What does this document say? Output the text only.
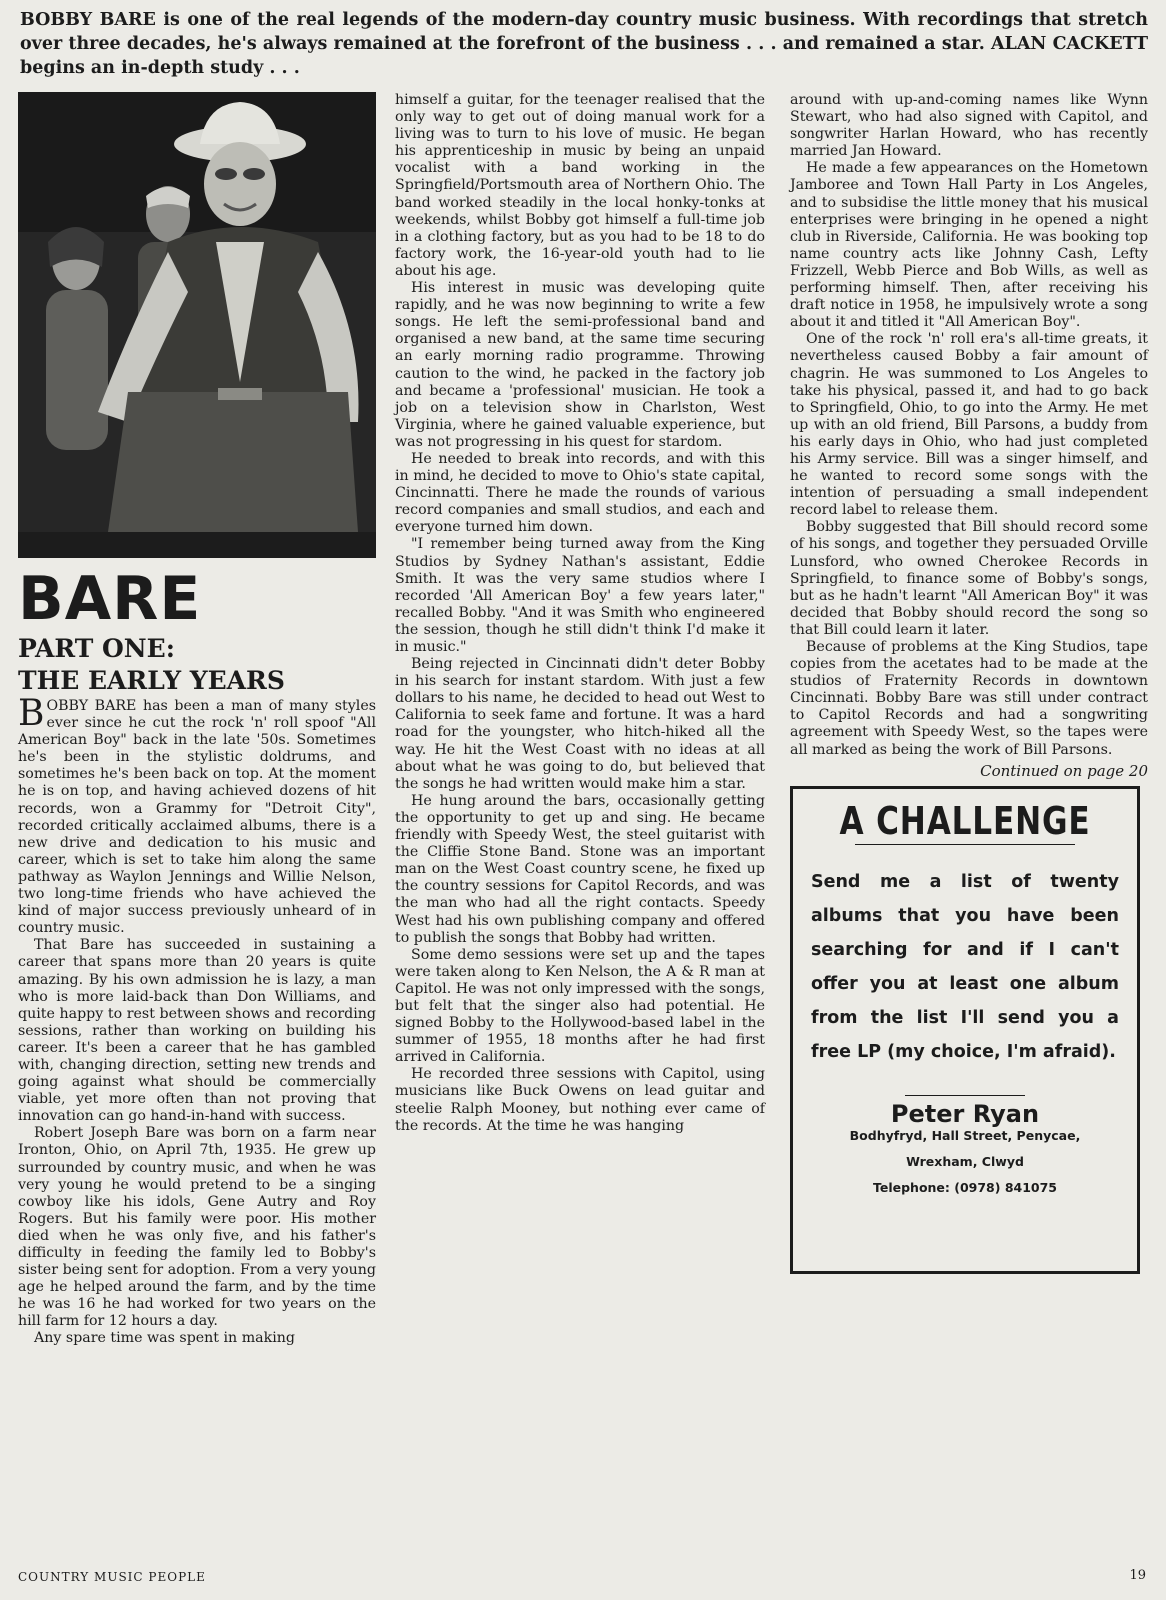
BOBBY BARE is one of the real legends of the modern-day country music business. With recordings that stretch over three decades, he's always remained at the forefront of the business . . . and remained a star. ALAN CACKETT begins an in-depth study . . .
BARE
PART ONE:
THE EARLY YEARS

BOBBY BARE has been a man of many styles ever since he cut the rock 'n' roll spoof "All American Boy" back in the late '50s. Sometimes he's been in the stylistic doldrums, and sometimes he's been back on top. At the moment he is on top, and having achieved dozens of hit records, won a Grammy for "Detroit City", recorded critically acclaimed albums, there is a new drive and dedication to his music and career, which is set to take him along the same pathway as Waylon Jennings and Willie Nelson, two long-time friends who have achieved the kind of major success previously unheard of in country music.

That Bare has succeeded in sustaining a career that spans more than 20 years is quite amazing. By his own admission he is lazy, a man who is more laid-back than Don Williams, and quite happy to rest between shows and recording sessions, rather than working on building his career. It's been a career that he has gambled with, changing direction, setting new trends and going against what should be commercially viable, yet more often than not proving that innovation can go hand-in-hand with success.

Robert Joseph Bare was born on a farm near Ironton, Ohio, on April 7th, 1935. He grew up surrounded by country music, and when he was very young he would pretend to be a singing cowboy like his idols, Gene Autry and Roy Rogers. But his family were poor. His mother died when he was only five, and his father's difficulty in feeding the family led to Bobby's sister being sent for adoption. From a very young age he helped around the farm, and by the time he was 16 he had worked for two years on the hill farm for 12 hours a day.

Any spare time was spent in making

himself a guitar, for the teenager realised that the only way to get out of doing manual work for a living was to turn to his love of music. He began his apprenticeship in music by being an unpaid vocalist with a band working in the Springfield/Portsmouth area of Northern Ohio. The band worked steadily in the local honky-tonks at weekends, whilst Bobby got himself a full-time job in a clothing factory, but as you had to be 18 to do factory work, the 16-year-old youth had to lie about his age.

His interest in music was developing quite rapidly, and he was now beginning to write a few songs. He left the semi-professional band and organised a new band, at the same time securing an early morning radio programme. Throwing caution to the wind, he packed in the factory job and became a 'professional' musician. He took a job on a television show in Charlston, West Virginia, where he gained valuable experience, but was not progressing in his quest for stardom.

He needed to break into records, and with this in mind, he decided to move to Ohio's state capital, Cincinnatti. There he made the rounds of various record companies and small studios, and each and everyone turned him down.

"I remember being turned away from the King Studios by Sydney Nathan's assistant, Eddie Smith. It was the very same studios where I recorded 'All American Boy' a few years later," recalled Bobby. "And it was Smith who engineered the session, though he still didn't think I'd make it in music."

Being rejected in Cincinnati didn't deter Bobby in his search for instant stardom. With just a few dollars to his name, he decided to head out West to California to seek fame and fortune. It was a hard road for the youngster, who hitch-hiked all the way. He hit the West Coast with no ideas at all about what he was going to do, but believed that the songs he had written would make him a star.

He hung around the bars, occasionally getting the opportunity to get up and sing. He became friendly with Speedy West, the steel guitarist with the Cliffie Stone Band. Stone was an important man on the West Coast country scene, he fixed up the country sessions for Capitol Records, and was the man who had all the right contacts. Speedy West had his own publishing company and offered to publish the songs that Bobby had written.

Some demo sessions were set up and the tapes were taken along to Ken Nelson, the A & R man at Capitol. He was not only impressed with the songs, but felt that the singer also had potential. He signed Bobby to the Hollywood-based label in the summer of 1955, 18 months after he had first arrived in California.

He recorded three sessions with Capitol, using musicians like Buck Owens on lead guitar and steelie Ralph Mooney, but nothing ever came of the records. At the time he was hanging

around with up-and-coming names like Wynn Stewart, who had also signed with Capitol, and songwriter Harlan Howard, who has recently married Jan Howard.

He made a few appearances on the Hometown Jamboree and Town Hall Party in Los Angeles, and to subsidise the little money that his musical enterprises were bringing in he opened a night club in Riverside, California. He was booking top name country acts like Johnny Cash, Lefty Frizzell, Webb Pierce and Bob Wills, as well as performing himself. Then, after receiving his draft notice in 1958, he impulsively wrote a song about it and titled it "All American Boy".

One of the rock 'n' roll era's all-time greats, it nevertheless caused Bobby a fair amount of chagrin. He was summoned to Los Angeles to take his physical, passed it, and had to go back to Springfield, Ohio, to go into the Army. He met up with an old friend, Bill Parsons, a buddy from his early days in Ohio, who had just completed his Army service. Bill was a singer himself, and he wanted to record some songs with the intention of persuading a small independent record label to release them.

Bobby suggested that Bill should record some of his songs, and together they persuaded Orville Lunsford, who owned Cherokee Records in Springfield, to finance some of Bobby's songs, but as he hadn't learnt "All American Boy" it was decided that Bobby should record the song so that Bill could learn it later.

Because of problems at the King Studios, tape copies from the acetates had to be made at the studios of Fraternity Records in downtown Cincinnati. Bobby Bare was still under contract to Capitol Records and had a songwriting agreement with Speedy West, so the tapes were all marked as being the work of Bill Parsons.

Continued on page 20
A CHALLENGE
Send me a list of twenty albums that you have been searching for and if I can't offer you at least one album from the list I'll send you a free LP (my choice, I'm afraid).
Peter Ryan
Bodhyfryd, Hall Street, Penycae,
Wrexham, Clwyd
Telephone: (0978) 841075
COUNTRY MUSIC PEOPLE	19
